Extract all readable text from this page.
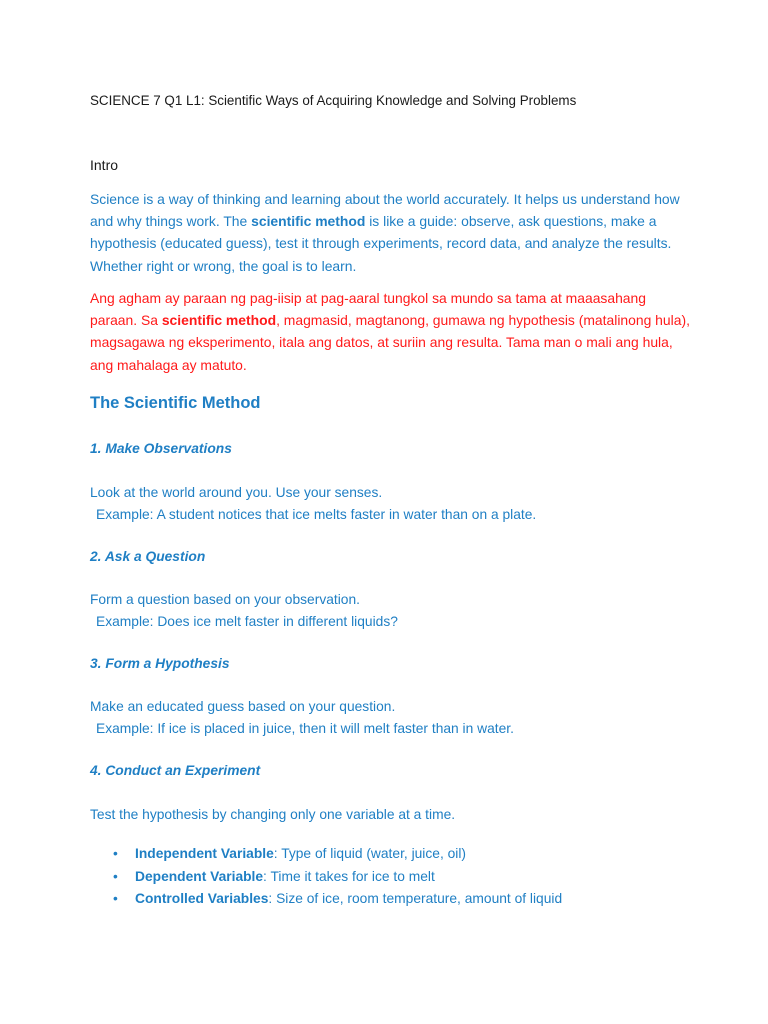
SCIENCE 7 Q1 L1: Scientific Ways of Acquiring Knowledge and Solving Problems
Intro

Science is a way of thinking and learning about the world accurately. It helps us understand how and why things work. The scientific method is like a guide: observe, ask questions, make a hypothesis (educated guess), test it through experiments, record data, and analyze the results. Whether right or wrong, the goal is to learn.

Ang agham ay paraan ng pag-iisip at pag-aaral tungkol sa mundo sa tama at maaasahang paraan. Sa scientific method, magmasid, magtanong, gumawa ng hypothesis (matalinong hula), magsagawa ng eksperimento, itala ang datos, at suriin ang resulta. Tama man o mali ang hula, ang mahalaga ay matuto.

The Scientific Method
1. Make Observations
Look at the world around you. Use your senses.
Example: A student notices that ice melts faster in water than on a plate.
2. Ask a Question
Form a question based on your observation.
Example: Does ice melt faster in different liquids?
3. Form a Hypothesis
Make an educated guess based on your question.
Example: If ice is placed in juice, then it will melt faster than in water.
4. Conduct an Experiment
Test the hypothesis by changing only one variable at a time.
• Independent Variable: Type of liquid (water, juice, oil)
• Dependent Variable: Time it takes for ice to melt
• Controlled Variables: Size of ice, room temperature, amount of liquid
